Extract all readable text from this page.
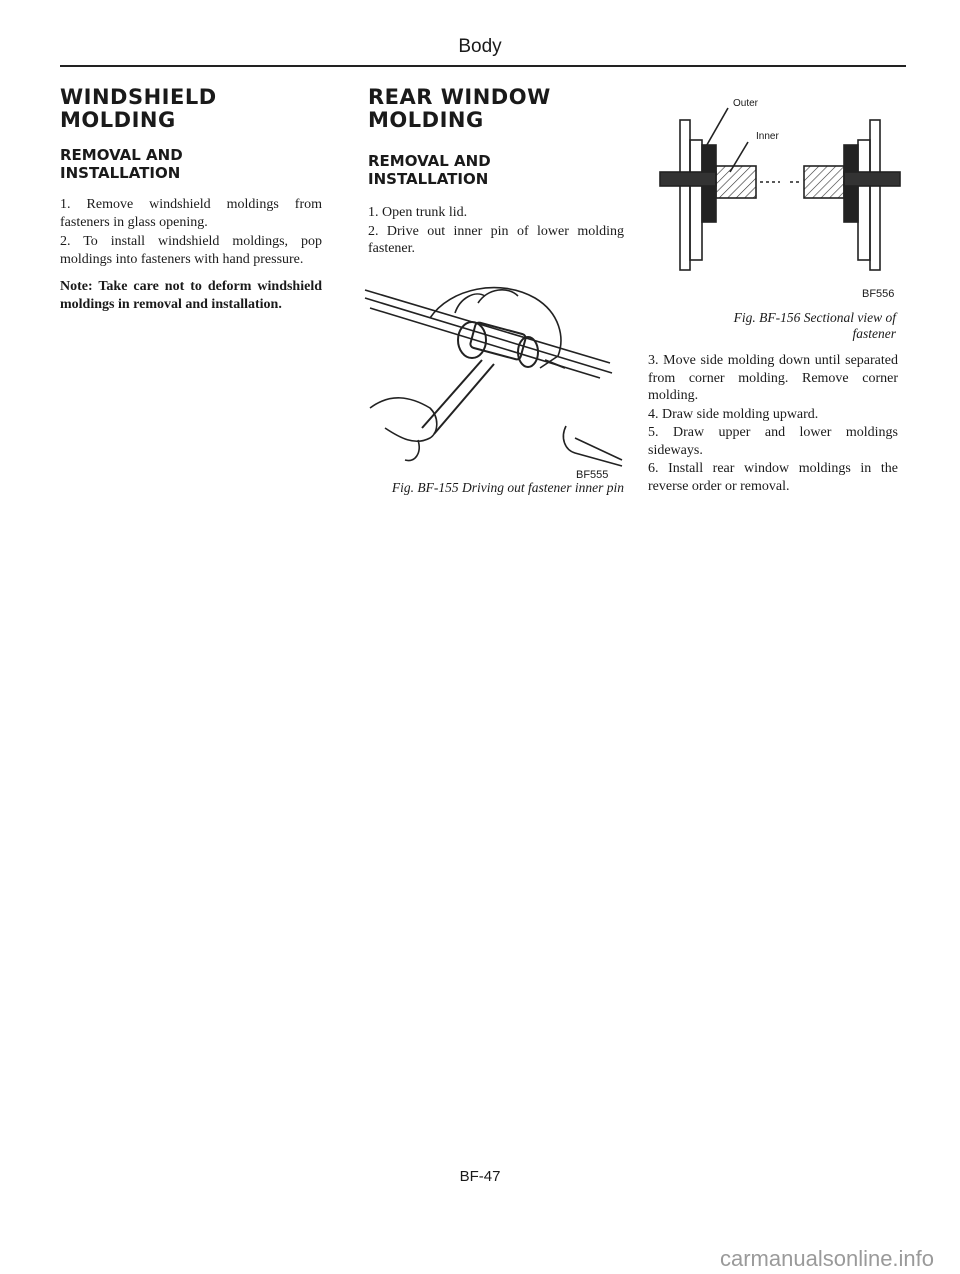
Body
WINDSHIELD MOLDING
REMOVAL AND INSTALLATION

1. Remove windshield moldings from fasteners in glass opening.

2. To install windshield moldings, pop moldings into fasteners with hand pressure.

Note: Take care not to deform windshield moldings in removal and installation.

REAR WINDOW MOLDING
REMOVAL AND INSTALLATION

1. Open trunk lid.

2. Drive out inner pin of lower molding fastener.

BF555
Fig. BF-155 Driving out fastener inner pin
Outer
Inner
BF556
Fig. BF-156 Sectional view of fastener

3. Move side molding down until separated from corner molding. Remove corner molding.

4. Draw side molding upward.

5. Draw upper and lower moldings sideways.

6. Install rear window moldings in the reverse order or removal.

BF-47
carmanualsonline.info
